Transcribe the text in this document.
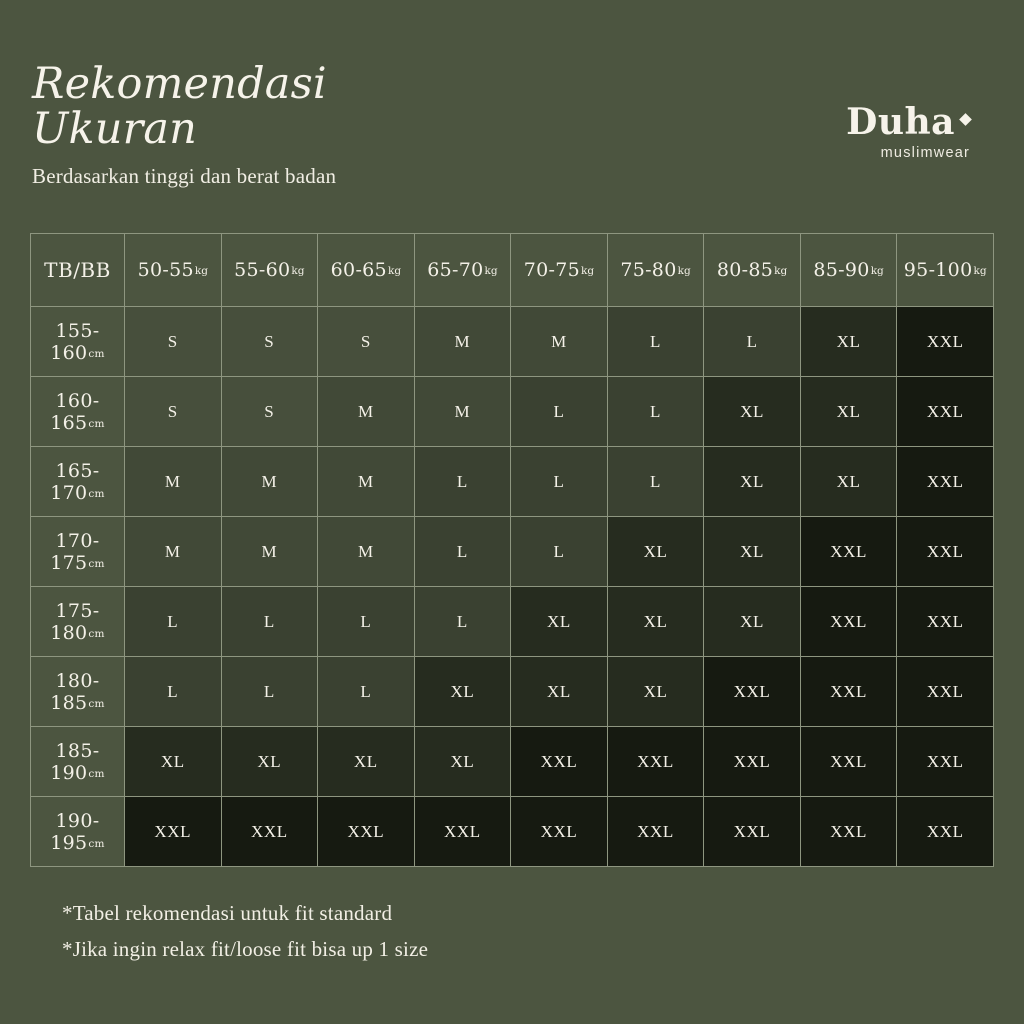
Rekomendasi
Ukuran
Berdasarkan tinggi dan berat badan
Duha
muslimwear
TB/BB	50-55kg	55-60kg	60-65kg	65-70kg	70-75kg	75-80kg	80-85kg	85-90kg	95-100kg
155-160cm	S	S	S	M	M	L	L	XL	XXL
160-165cm	S	S	M	M	L	L	XL	XL	XXL
165-170cm	M	M	M	L	L	L	XL	XL	XXL
170-175cm	M	M	M	L	L	XL	XL	XXL	XXL
175-180cm	L	L	L	L	XL	XL	XL	XXL	XXL
180-185cm	L	L	L	XL	XL	XL	XXL	XXL	XXL
185-190cm	XL	XL	XL	XL	XXL	XXL	XXL	XXL	XXL
190-195cm	XXL	XXL	XXL	XXL	XXL	XXL	XXL	XXL	XXL
*Tabel rekomendasi untuk fit standard
*Jika ingin relax fit/loose fit bisa up 1 size
